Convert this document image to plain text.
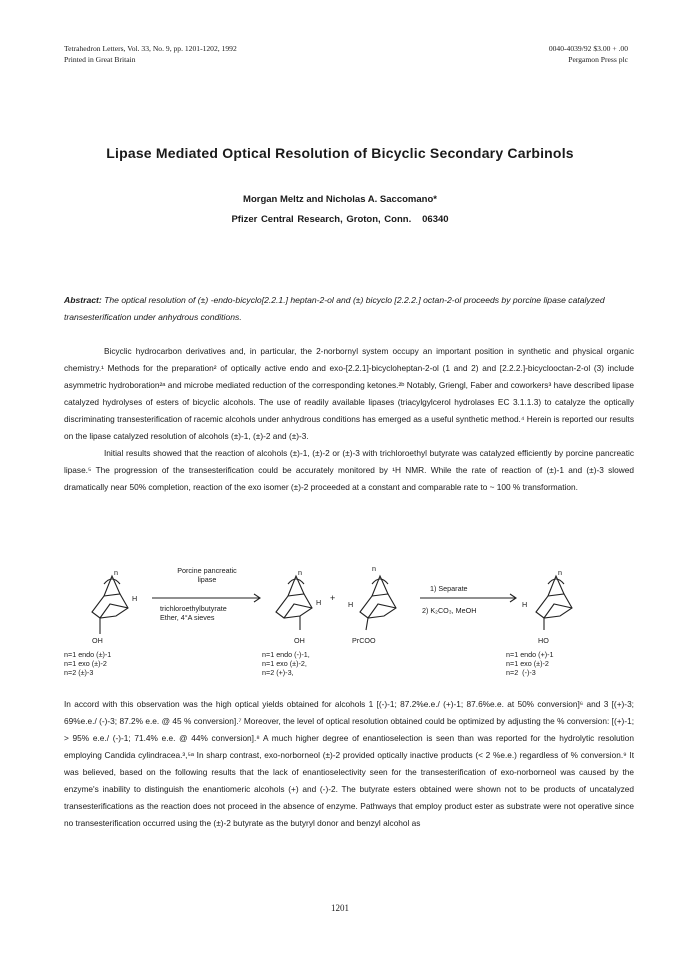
Tetrahedron Letters, Vol. 33, No. 9, pp. 1201-1202, 1992
Printed in Great Britain
0040-4039/92 $3.00 + .00
Pergamon Press plc
Lipase Mediated Optical Resolution of Bicyclic Secondary Carbinols
Morgan Meltz and Nicholas A. Saccomano*
Pfizer Central Research, Groton, Conn.   06340
Abstract: The optical resolution of (±) -endo-bicyclo[2.2.1.] heptan-2-ol and (±) bicyclo [2.2.2.] octan-2-ol proceeds by porcine lipase catalyzed transesterification under anhydrous conditions.

Bicyclic hydrocarbon derivatives and, in particular, the 2-norbornyl system occupy an important position in synthetic and physical organic chemistry.¹ Methods for the preparation² of optically active endo and exo-[2.2.1]-bicycloheptan-2-ol (1 and 2) and [2.2.2.]-bicyclooctan-2-ol (3) include asymmetric hydroboration²ᵃ and microbe mediated reduction of the corresponding ketones.²ᵇ Notably, Griengl, Faber and coworkers³ have described lipase catalyzed hydrolyses of esters of bicyclic alcohols. The use of readily available lipases (triacylgylcerol hydrolases EC 3.1.1.3) to catalyze the optically discriminating transesterification of racemic alcohols under anhydrous conditions has emerged as a useful synthetic method.⁴ Herein is reported our results on the lipase catalyzed resolution of alcohols (±)-1, (±)-2 and (±)-3.

Initial results showed that the reaction of alcohols (±)-1, (±)-2 or (±)-3 with trichloroethyl butyrate was catalyzed efficiently by porcine pancreatic lipase.⁵ The progression of the transesterification could be accurately monitored by ¹H NMR. While the rate of reaction of (±)-1 and (±)-3 slowed dramatically near 50% completion, reaction of the exo isomer (±)-2 proceeded at a constant and comparable rate to ~ 100 % transformation.

n
H
OH
Porcine pancreatic
lipase
trichloroethylbutyrate
Ether, 4°A sieves
n
H
OH
+
n
H
PrCOO
1) Separate
2) K₂CO₃, MeOH
n
H
HO
n=1 endo (±)-1
n=1 exo (±)-2
n=2 (±)-3
n=1 endo (-)-1,
n=1 exo (±)-2,
n=2 (+)-3,
n=1 endo (+)-1
n=1 exo (±)-2
n=2  (-)-3

In accord with this observation was the high optical yields obtained for alcohols 1 [(-)-1; 87.2%e.e./ (+)-1; 87.6%e.e. at 50% conversion]⁶ and 3 [(+)-3; 69%e.e./ (-)-3; 87.2% e.e. @ 45 % conversion].⁷ Moreover, the level of optical resolution obtained could be optimized by adjusting the % conversion: [(+)-1; > 95% e.e./ (-)-1; 71.4% e.e. @ 44% conversion].⁸ A much higher degree of enantioselection is seen than was reported for the hydrolytic resolution employing Candida cylindracea.³,⁵ᵃ In sharp contrast, exo-norborneol (±)-2 provided optically inactive products (< 2 %e.e.) regardless of % conversion.⁹ It was believed, based on the following results that the lack of enantioselectivity seen for the transesterification of exo-norborneol was caused by the enzyme's inability to distinguish the enantiomeric alcohols (+) and (-)-2. The butyrate esters obtained were shown not to be products of uncatalyzed transesterifications as the reaction does not proceed in the absence of enzyme. Pathways that employ product ester as substrate were not operative since no transesterification occurred using the (±)-2 butyrate as the butyryl donor and benzyl alcohol as

1201
